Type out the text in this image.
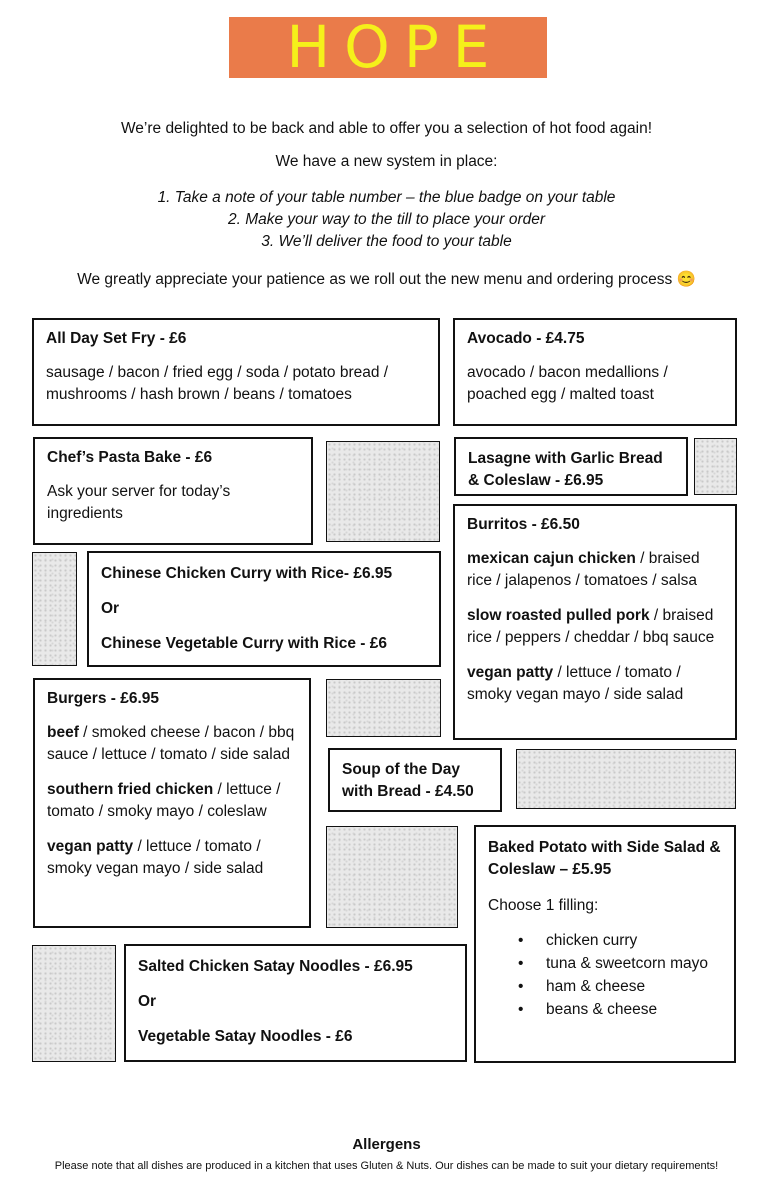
HOPE
We’re delighted to be back and able to offer you a selection of hot food again!
We have a new system in place:
1. Take a note of your table number – the blue badge on your table
2. Make your way to the till to place your order
3. We’ll deliver the food to your table
We greatly appreciate your patience as we roll out the new menu and ordering process 😊
All Day Set Fry - £6
sausage / bacon / fried egg / soda / potato bread / mushrooms / hash brown / beans / tomatoes
Avocado - £4.75
avocado / bacon medallions / poached egg / malted toast
Chef’s Pasta Bake - £6
Ask your server for today’s ingredients
Lasagne with Garlic Bread & Coleslaw - £6.95
Burritos - £6.50
mexican cajun chicken / braised rice / jalapenos / tomatoes / salsa
slow roasted pulled pork / braised rice / peppers / cheddar / bbq sauce
vegan patty / lettuce / tomato / smoky vegan mayo / side salad
Chinese Chicken Curry with Rice- £6.95
Or
Chinese Vegetable Curry with Rice - £6
Burgers - £6.95
beef / smoked cheese / bacon / bbq sauce / lettuce / tomato / side salad
southern fried chicken / lettuce / tomato / smoky mayo / coleslaw
vegan patty / lettuce / tomato / smoky vegan mayo / side salad
Soup of the Day with Bread - £4.50
Baked Potato with Side Salad & Coleslaw – £5.95
Choose 1 filling:
• chicken curry
• tuna & sweetcorn mayo
• ham & cheese
• beans & cheese
Salted Chicken Satay Noodles - £6.95
Or
Vegetable Satay Noodles - £6
Allergens
Please note that all dishes are produced in a kitchen that uses Gluten & Nuts. Our dishes can be made to suit your dietary requirements!
